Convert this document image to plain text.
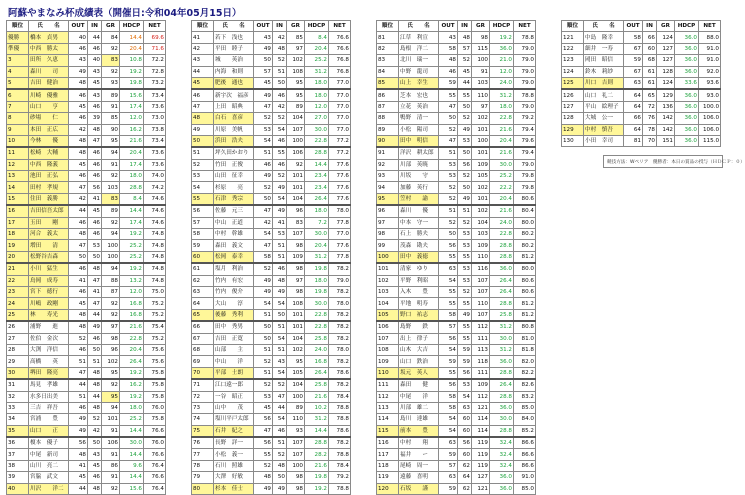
阿蘇やまなみ杯成績表（開催日:令和04年05月15日）
順位	氏　　名	OUT	IN	GR	HDCP	NET
優勝	橋本　貞男	40	44	84	14.4	69.6
準優	中西　勝太	46	46	92	20.4	71.6
3	田所　久恵	43	40	83	10.8	72.2
4	森川　　司	49	43	92	19.2	72.8
5	吉田　健治	48	45	93	19.8	73.2
6	川崎　優雅	46	43	89	15.6	73.4
7	山口　　亨	45	46	91	17.4	73.6
8	砂場　　仁	46	39	85	12.0	73.0
9	本田　正広	42	48	90	16.2	73.8
10	今林　　優	48	47	95	21.6	73.4
11	松崎　大輔	48	46	94	20.4	73.6
12	中西　隆義	45	46	91	17.4	73.6
13	池田　正弘	46	46	92	18.0	74.0
14	田村　孝規	47	56	103	28.8	74.2
15	住田　義勝	42	41	83	8.4	74.6
16	吉田信吾太郎	44	45	89	14.4	74.6
17	玉田　　剛	46	46	92	17.4	74.6
18	河合　義太	48	46	94	19.2	74.8
19	増田　　清	47	53	100	25.2	74.8
20	松野谷吉森	50	50	100	25.2	74.8
21	小川　猛生	46	48	94	19.2	74.8
22	鳥岡　成寿	41	47	88	13.2	74.8
23	宮下　徳行	46	41	87	12.0	75.0
24	川嶋　政剛	45	47	92	16.8	75.2
25	林　　寿光	48	44	92	16.8	75.2
26	浦野　　進	48	49	97	21.6	75.4
27	佐伯　金次	52	46	98	22.8	75.2
28	大渕　洋信	46	50	96	20.4	75.6
29	高橋　　英	51	51	102	26.4	75.6
30	堺田　隆亮	47	48	95	19.2	75.8
31	馬見　孝雄	44	48	92	16.2	75.8
32	水多日出美	51	44	95	19.2	75.8
33	三吉　祥吾	46	48	94	18.0	76.0
34	宮浦　　豊	49	52	101	25.2	75.8
35	山口　　正	49	42	91	14.4	76.6
36	榎本　優子	56	50	106	30.0	76.0
37	中尾　新司	48	43	91	14.4	76.6
38	山川　亮二	41	45	86	9.6	76.4
39	宮脇　武文	45	46	91	14.4	76.6
40	川沢　　洋二	44	48	92	15.6	76.4
順位	氏　　名	OUT	IN	GR	HDCP	NET
41	若下　浅也	43	42	85	8.4	76.6
42	平田　睦子	49	48	97	20.4	76.6
43	城　　英治	50	52	102	25.2	76.8
44	内海　和則	57	51	108	31.2	76.8
45	肥後　通也	45	50	95	18.0	77.0
46	新宇次　福彦	49	46	95	18.0	77.0
47	上田　昭典	47	42	89	12.0	77.0
48	白石　喜彦	52	52	104	27.0	77.0
49	川原　美帆	53	54	107	30.0	77.0
50	浜田　浩夫	54	46	100	22.8	77.2
51	坪久田かおり	51	55	106	28.8	77.2
52	竹田　正俊	46	46	92	14.4	77.6
53	山田　征幸	49	52	101	23.4	77.6
54	杉原　　亮	52	49	101	23.4	77.6
55	石津　秀宗	50	54	104	26.4	77.6
56	佐藤　元三	47	49	96	18.0	78.0
57	中山　正道	42	41	83	7.2	77.8
58	中村　幹雄	54	53	107	30.0	77.0
59	森田　義文	47	51	98	20.4	77.6
60	松岡　泰幸	58	51	109	31.2	77.8
61	塩月　利治	52	46	98	19.8	78.2
62	竹内　有宏	49	48	97	18.0	79.0
63	竹内　俊介	49	49	98	19.8	78.2
64	大山　　淳	54	54	108	30.0	78.0
65	後藤　秀利	51	50	101	22.8	78.2
66	田中　秀男	50	51	101	22.8	78.2
67	吉田　正寛	50	54	104	25.8	78.2
68	山部　　主	51	51	102	24.0	78.0
69	中山　　洋	52	43	95	16.8	78.2
70	平部　士朗	51	54	105	26.4	78.6
71	江口遠一郎	52	52	104	25.8	78.2
72	一谷　昭正	53	47	100	21.6	78.4
73	山中　　茂	45	44	89	10.2	78.8
74	塩川平戸太郎	56	54	110	31.2	78.8
75	石井　紀之	47	46	93	14.4	78.6
76	長野　詳一	56	51	107	28.8	78.2
77	小松　義一	55	52	107	28.2	78.8
78	石川　照雄	52	48	100	21.6	78.4
79	大澤　好敏	48	50	98	19.8	79.2
80	杉本　佳士	49	49	98	19.2	78.8
順位	氏　　名	OUT	IN	GR	HDCP	NET
81	江草　利宣	43	48	98	19.2	78.8
82	島根　洋二	58	57	115	36.0	79.0
83	北川　瑞一	48	52	100	21.0	79.0
84	中野　龍司	46	45	91	12.0	79.0
85	山上　幸生	59	44	103	24.0	79.0
86	芝本　宏也	55	55	110	31.2	78.8
87	立花　英治	47	50	97	18.0	79.0
88	鴨野　清一	50	52	102	22.8	79.2
89	小松　陽司	52	49	101	21.6	79.4
90	田中　明信	47	53	100	20.4	79.6
91	洋沢　耕太郎	51	50	101	21.6	79.4
92	川部　英暁	53	56	109	30.0	79.0
93	川坂　　守	53	52	105	25.2	79.8
94	加藤　英行	52	50	102	22.2	79.8
95	笠村　　諭	52	49	101	20.4	80.6
96	森川　　優	51	51	102	21.6	80.4
97	中本　守一	52	52	104	24.0	80.0
98	石上　勝夫	50	53	103	22.8	80.2
99	茂森　勘夫	56	53	109	28.8	80.2
100	田中　義徳	55	55	110	28.8	81.2
101	清家　ゆり	63	53	116	36.0	80.0
102	平野　利昭	54	53	107	26.4	80.6
103	入木　　豊	55	52	107	26.4	80.6
104	平地　明寿	55	55	110	28.8	81.2
105	野口　祐志	58	49	107	25.8	81.2
106	島野　　鉄	57	55	112	31.2	80.8
107	出上　律子	56	55	111	30.0	81.0
108	山木　大吉	54	59	113	31.2	81.8
109	山口　鉄治	59	59	118	36.0	82.0
110	坂元　英人	55	56	111	28.8	82.2
111	森田　　健	56	53	109	26.4	82.6
112	中尾　　洋	58	54	112	28.8	83.2
113	川部　雄二	58	63	121	36.0	85.0
114	島川　達雄	54	60	114	30.0	84.0
115	前本　　豊	54	60	114	28.8	85.2
116	中村　　翔	63	56	119	32.4	86.6
117	福井　　ー	59	60	119	32.4	86.6
118	尾崎　周一	57	62	119	32.4	86.6
119	遠藤　喜明	63	64	127	36.0	91.0
120	石坂　　謹	59	62	121	36.0	85.0
順位	氏　　名	OUT	IN	GR	HDCP	NET
121	中島　隆幸	58	66	124	36.0	88.0
122	細井　一寿	67	60	127	36.0	91.0
123	岡田　昭信	59	68	127	36.0	91.0
124	鈴木　莉紗	67	61	128	36.0	92.0
125	川口　吉則	63	61	124	33.6	93.6
126	山口　礼二	64	65	129	36.0	93.0
127	平山　絵理子	64	72	136	36.0	100.0
128	大城　公一	66	76	142	36.0	106.0
129	中村　慎吾	64	78	142	36.0	106.0
130	小田　幸司	81	70	151	36.0	115.0
競技方法：Wペリア　優勝者：本日の賞品の授与（ＨＤＣＰ：０）
